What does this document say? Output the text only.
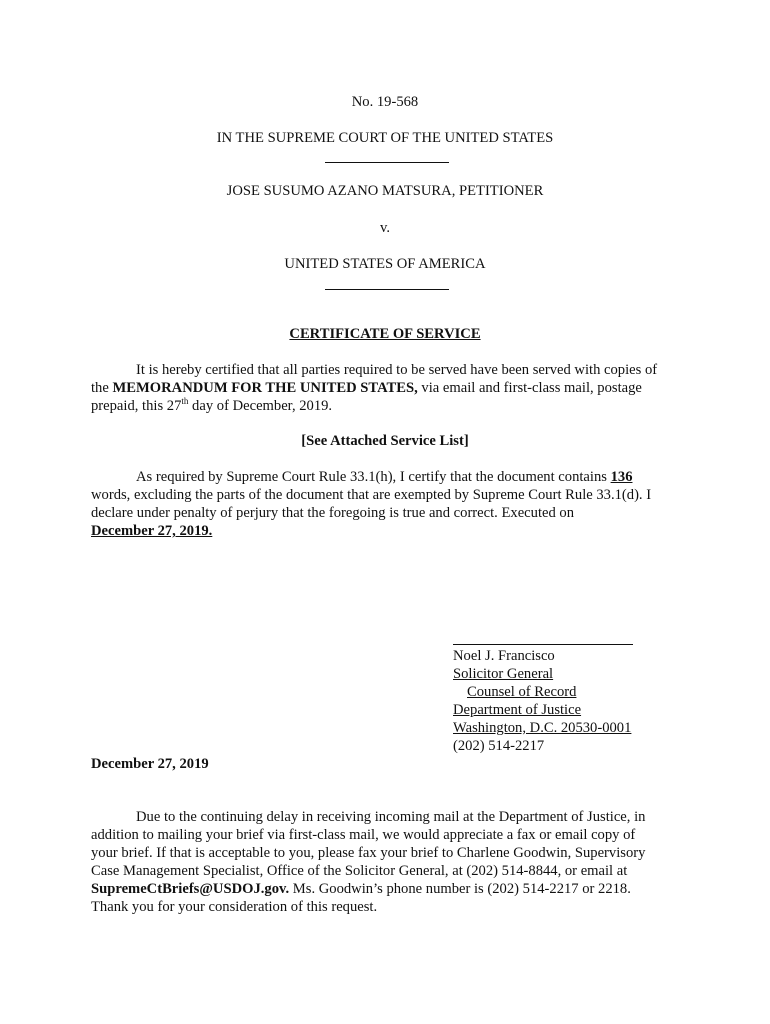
No. 19-568
IN THE SUPREME COURT OF THE UNITED STATES
JOSE SUSUMO AZANO MATSURA, PETITIONER
v.
UNITED STATES OF AMERICA
CERTIFICATE OF SERVICE
It is hereby certified that all parties required to be served have been served with copies of
the MEMORANDUM FOR THE UNITED STATES, via email and first-class mail, postage
prepaid, this 27th day of December, 2019.
[See Attached Service List]
As required by Supreme Court Rule 33.1(h), I certify that the document contains 136
words, excluding the parts of the document that are exempted by Supreme Court Rule 33.1(d). I
declare under penalty of perjury that the foregoing is true and correct. Executed on
December 27, 2019.
Noel J. Francisco
Solicitor General
Counsel of Record
Department of Justice
Washington, D.C. 20530-0001
(202) 514-2217
December 27, 2019
Due to the continuing delay in receiving incoming mail at the Department of Justice, in
addition to mailing your brief via first-class mail, we would appreciate a fax or email copy of
your brief. If that is acceptable to you, please fax your brief to Charlene Goodwin, Supervisory
Case Management Specialist, Office of the Solicitor General, at (202) 514-8844, or email at
SupremeCtBriefs@USDOJ.gov. Ms. Goodwin’s phone number is (202) 514-2217 or 2218.
Thank you for your consideration of this request.
